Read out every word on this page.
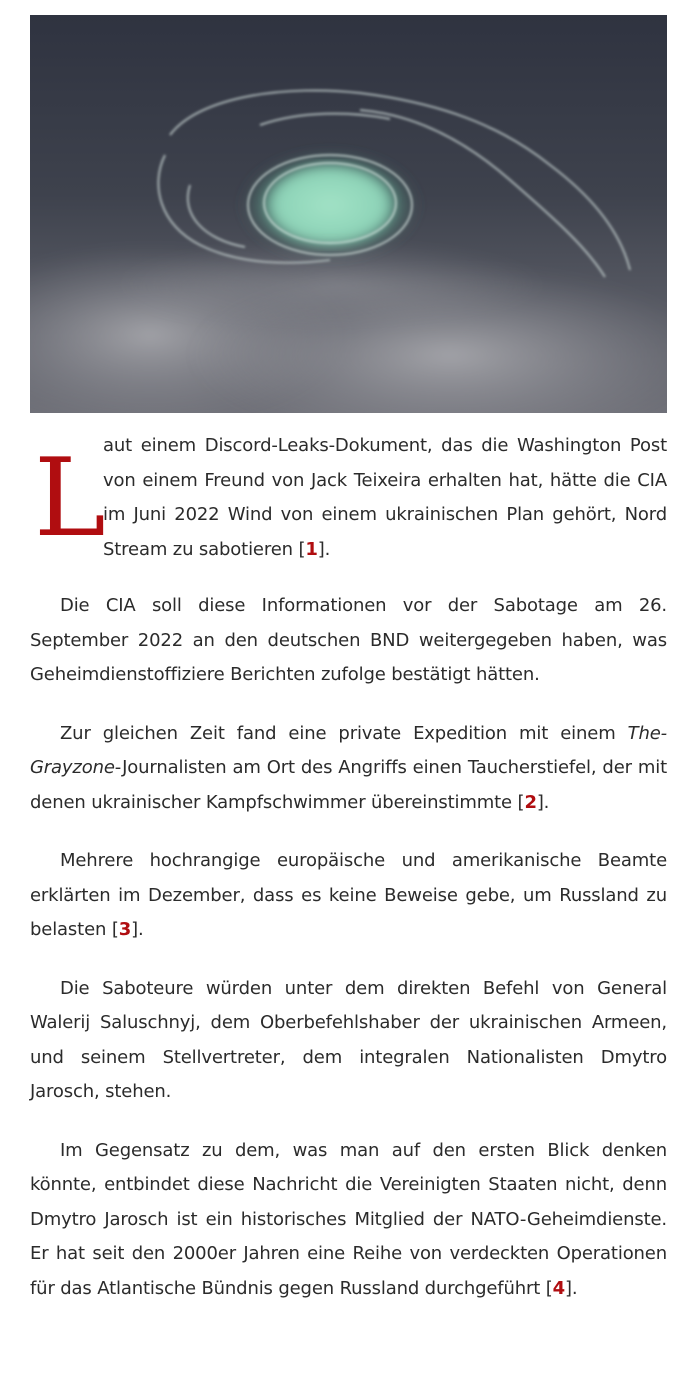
L

aut einem Discord-Leaks-Dokument, das die Washington Post von einem Freund von Jack Teixeira erhalten hat, hätte die CIA im Juni 2022 Wind von einem ukrainischen Plan gehört, Nord Stream zu sabotieren [1].

Die CIA soll diese Informationen vor der Sabotage am 26. September 2022 an den deutschen BND weitergegeben haben, was Geheimdienstoffiziere Berichten zufolge bestätigt hätten.

Zur gleichen Zeit fand eine private Expedition mit einem The-Grayzone-Journalisten am Ort des Angriffs einen Taucherstiefel, der mit denen ukrainischer Kampfschwimmer übereinstimmte [2].

Mehrere hochrangige europäische und amerikanische Beamte erklärten im Dezember, dass es keine Beweise gebe, um Russland zu belasten [3].

Die Saboteure würden unter dem direkten Befehl von General Walerij Saluschnyj, dem Oberbefehlshaber der ukrainischen Armeen, und seinem Stellvertreter, dem integralen Nationalisten Dmytro Jarosch, stehen.

Im Gegensatz zu dem, was man auf den ersten Blick denken könnte, entbindet diese Nachricht die Vereinigten Staaten nicht, denn Dmytro Jarosch ist ein historisches Mitglied der NATO-Geheimdienste. Er hat seit den 2000er Jahren eine Reihe von verdeckten Operationen für das Atlantische Bündnis gegen Russland durchgeführt [4].
